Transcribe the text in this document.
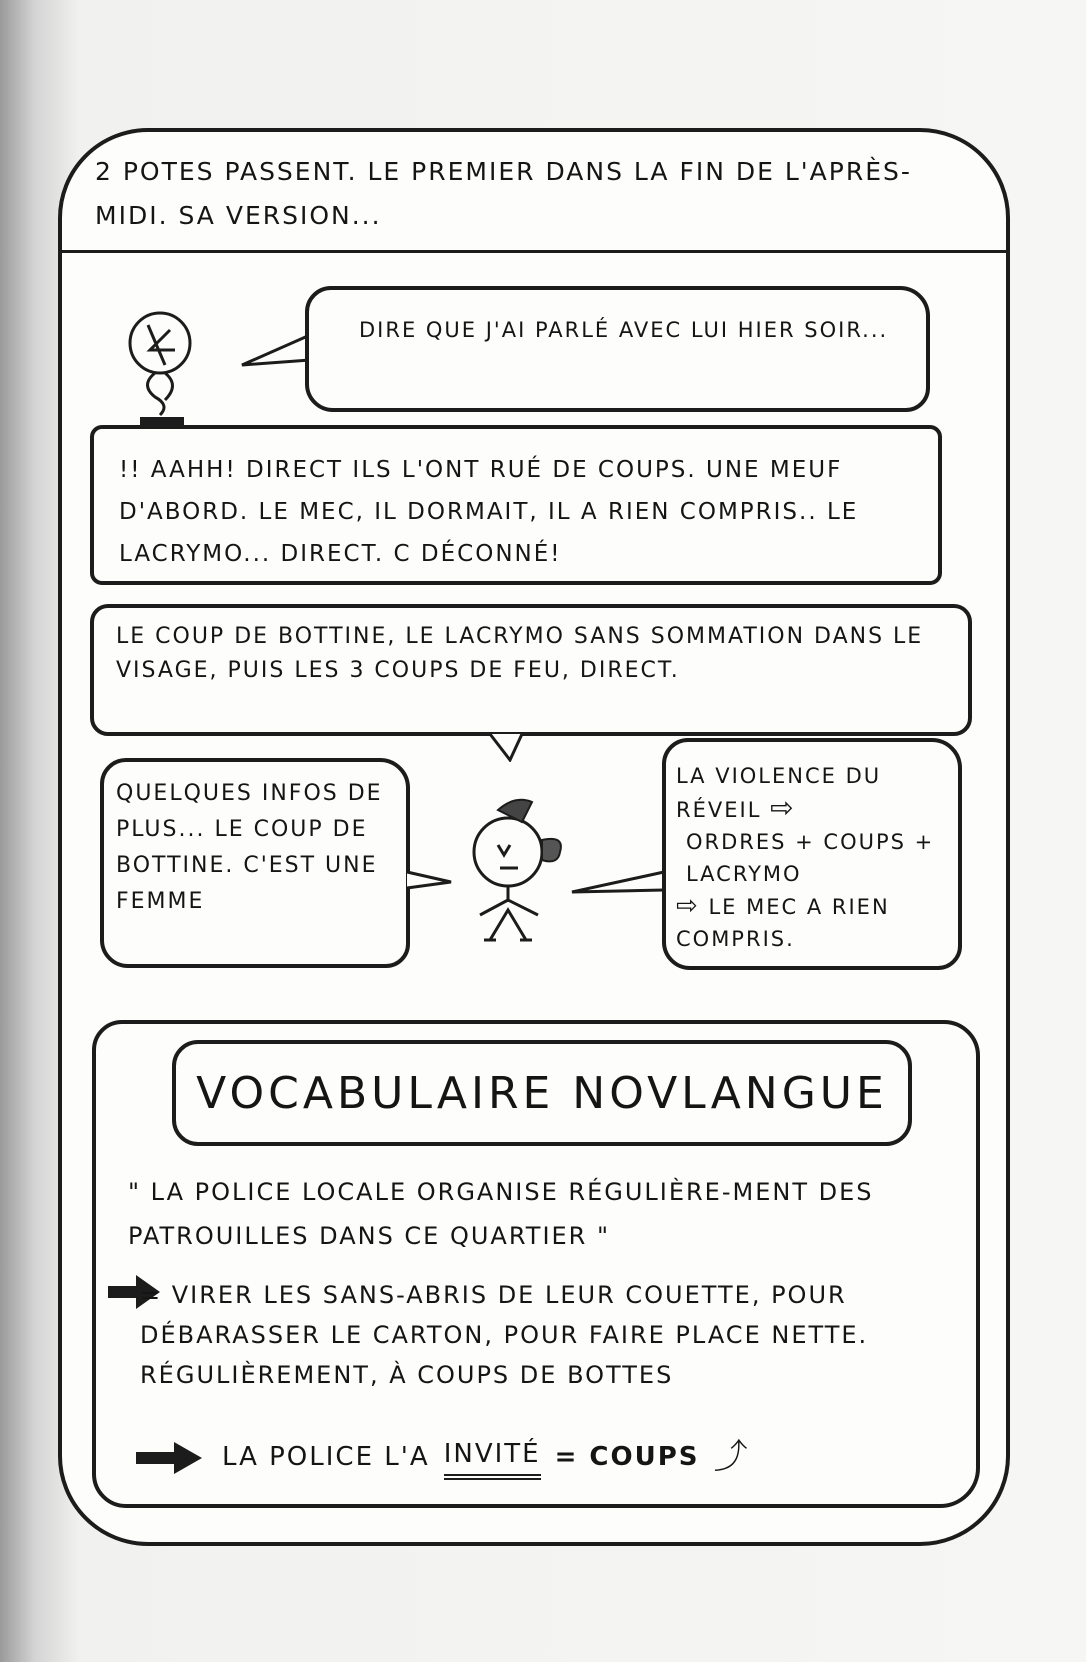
2 POTES PASSENT. LE PREMIER DANS LA FIN DE L'APRÈS-MIDI. SA VERSION...
DIRE QUE J'AI PARLÉ AVEC LUI HIER SOIR...
!! AAHH! DIRECT ILS L'ONT RUÉ DE COUPS. UNE MEUF D'ABORD. LE MEC, IL DORMAIT, IL A RIEN COMPRIS.. LE LACRYMO... DIRECT. C DÉCONNÉ!
LE COUP DE BOTTINE, LE LACRYMO SANS SOMMATION DANS LE VISAGE, PUIS LES 3 COUPS DE FEU, DIRECT.
QUELQUES INFOS DE PLUS... LE COUP DE BOTTINE. C'EST UNE FEMME
LA VIOLENCE DU RÉVEIL ⇨
ORDRES + COUPS + LACRYMO
⇨ LE MEC A RIEN COMPRIS.
VOCABULAIRE NOVLANGUE
" LA POLICE LOCALE ORGANISE RÉGULIÈRE-MENT DES PATROUILLES DANS CE QUARTIER "
= VIRER LES SANS-ABRIS DE LEUR COUETTE, POUR DÉBARASSER LE CARTON, POUR FAIRE PLACE NETTE. RÉGULIÈREMENT, À COUPS DE BOTTES
LA POLICE L'A INVITÉ = COUPS ⤴
